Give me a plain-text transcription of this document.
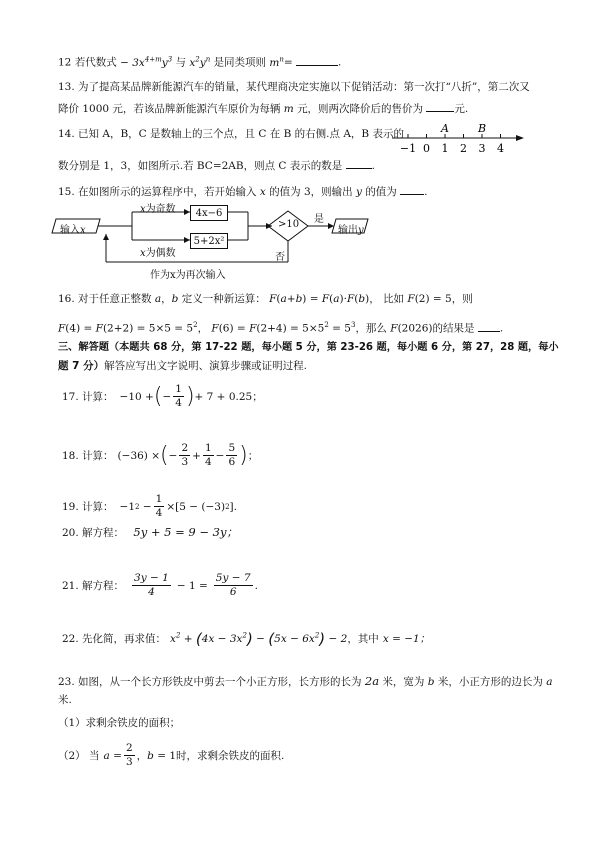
12 若代数式 − $3x^{4+m}y^3$ 与 $x^2y^n$ 是同类项则 $m^n=$	.
13. 为了提高某品牌新能源汽车的销量，某代理商决定实施以下促销活动：第一次打“八折”，第二次又
降价 1000 元，若该品牌新能源汽车原价为每辆 m 元，则两次降价后的售价为	元.
14. 已知 A，B，C 是数轴上的三个点，且 C 在 B 的右侧.点 A，B 表示的
数分别是 1，3，如图所示.若 BC=2AB，则点 C 表示的数是	.
−1 0 1 2 3 4
A	B
15. 在如图所示的运算程序中，若开始输入 x 的值为 3，则输出 y 的值为	.
输入x
x为奇数
x为偶数
4x−6
5+2x²
>10 是
输出y
否
作为x为再次输入
16. 对于任意正整数 a，b 定义一种新运算： F(a+b) = F(a)·F(b)， 比如 F(2) = 5，则
$F(4) = F(2+2) = 5\times 5 = 5^2$， $F(6) = F(2+4) = 5\times 5^2 = 5^3$，那么 F(2026)的结果是 .
三、解答题（本题共 68 分，第 17-22 题，每小题 5 分，第 23-26 题，每小题 6 分，第 27，28 题，每小
题 7 分）解答应写出文字说明、演算步骤或证明过程.
17. 计算： −10 + ( − $\frac{1}{4}$ ) + 7 + 0.25；
18. 计算： (−36) × ( − $\frac{2}{3} + \frac{1}{4} - \frac{5}{6}$ ) ；
19. 计算： −1 $2 - \frac{1}{4} \times [5 - (-3)$ 2 ].
20. 解方程： 5y + 5 = 9 − 3y；
21. 解方程： $\frac{3y - 1}{4} - 1 = \frac{5y - 7}{6}$ .
22. 先化简，再求值： $x^2 + (4x - 3x^2) - (5x - 6x^2) - 2$ ，其中 x = −1；
23. 如图，从一个长方形铁皮中剪去一个小正方形，长方形的长为 2a 米，宽为 b 米，小正方形的边长为 a
米.
（1）求剩余铁皮的面积；
（2） 当 $a = \frac{2}{3}$ ， b = 1 时，求剩余铁皮的面积.
